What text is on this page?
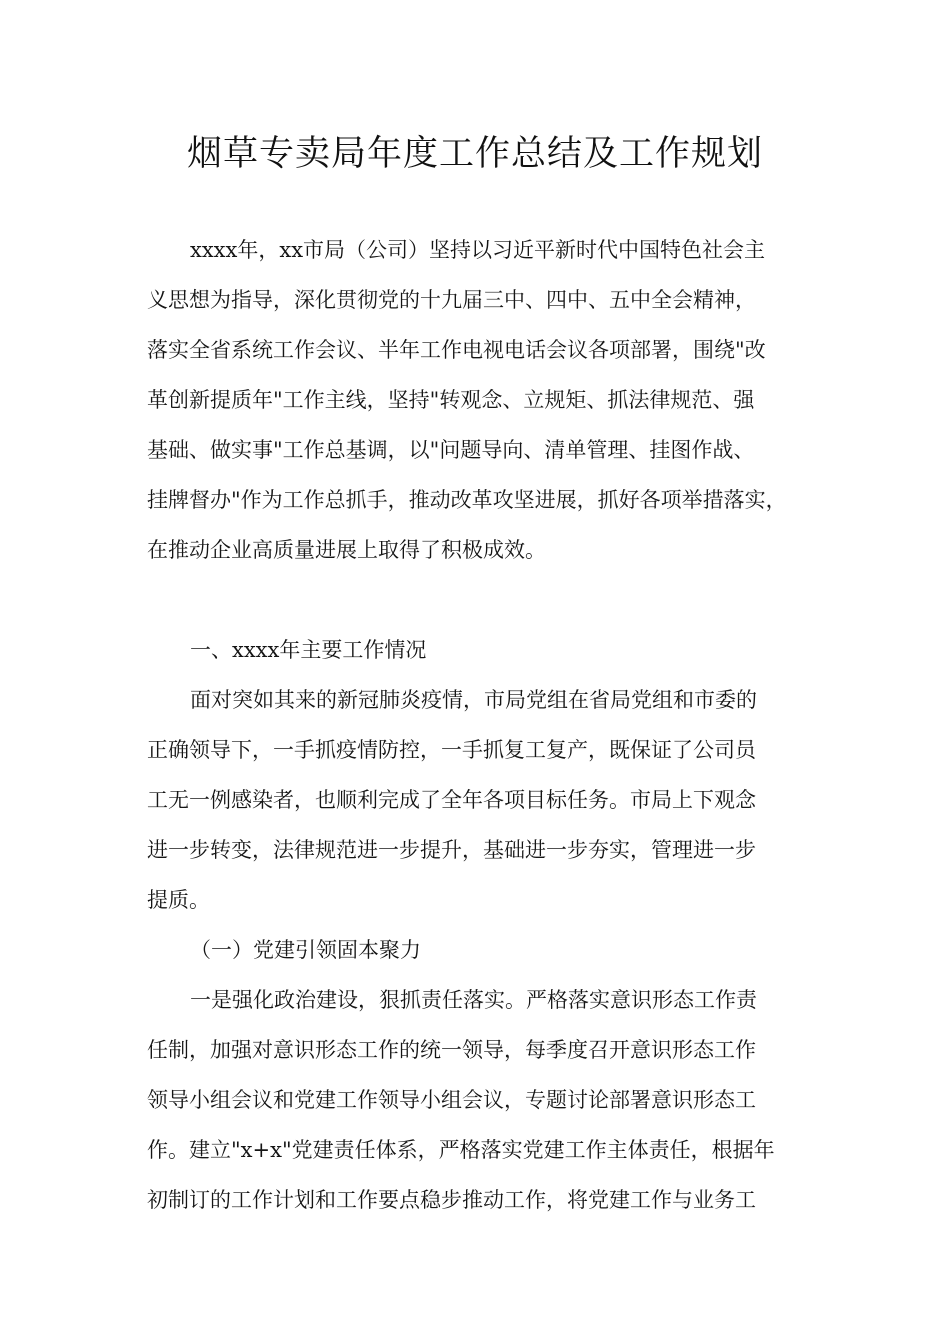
烟草专卖局年度工作总结及工作规划
xxxx年，xx市局（公司）坚持以习近平新时代中国特色社会主
义思想为指导，深化贯彻党的十九届三中、四中、五中全会精神，
落实全省系统工作会议、半年工作电视电话会议各项部署，围绕"改
革创新提质年"工作主线，坚持"转观念、立规矩、抓法律规范、强
基础、做实事"工作总基调，以"问题导向、清单管理、挂图作战、
挂牌督办"作为工作总抓手，推动改革攻坚进展，抓好各项举措落实，
在推动企业高质量进展上取得了积极成效。
一、xxxx年主要工作情况
面对突如其来的新冠肺炎疫情，市局党组在省局党组和市委的
正确领导下，一手抓疫情防控，一手抓复工复产，既保证了公司员
工无一例感染者，也顺利完成了全年各项目标任务。市局上下观念
进一步转变，法律规范进一步提升，基础进一步夯实，管理进一步
提质。
（一）党建引领固本聚力
一是强化政治建设，狠抓责任落实。严格落实意识形态工作责
任制，加强对意识形态工作的统一领导，每季度召开意识形态工作
领导小组会议和党建工作领导小组会议，专题讨论部署意识形态工
作。建立"x+x"党建责任体系，严格落实党建工作主体责任，根据年
初制订的工作计划和工作要点稳步推动工作，将党建工作与业务工
